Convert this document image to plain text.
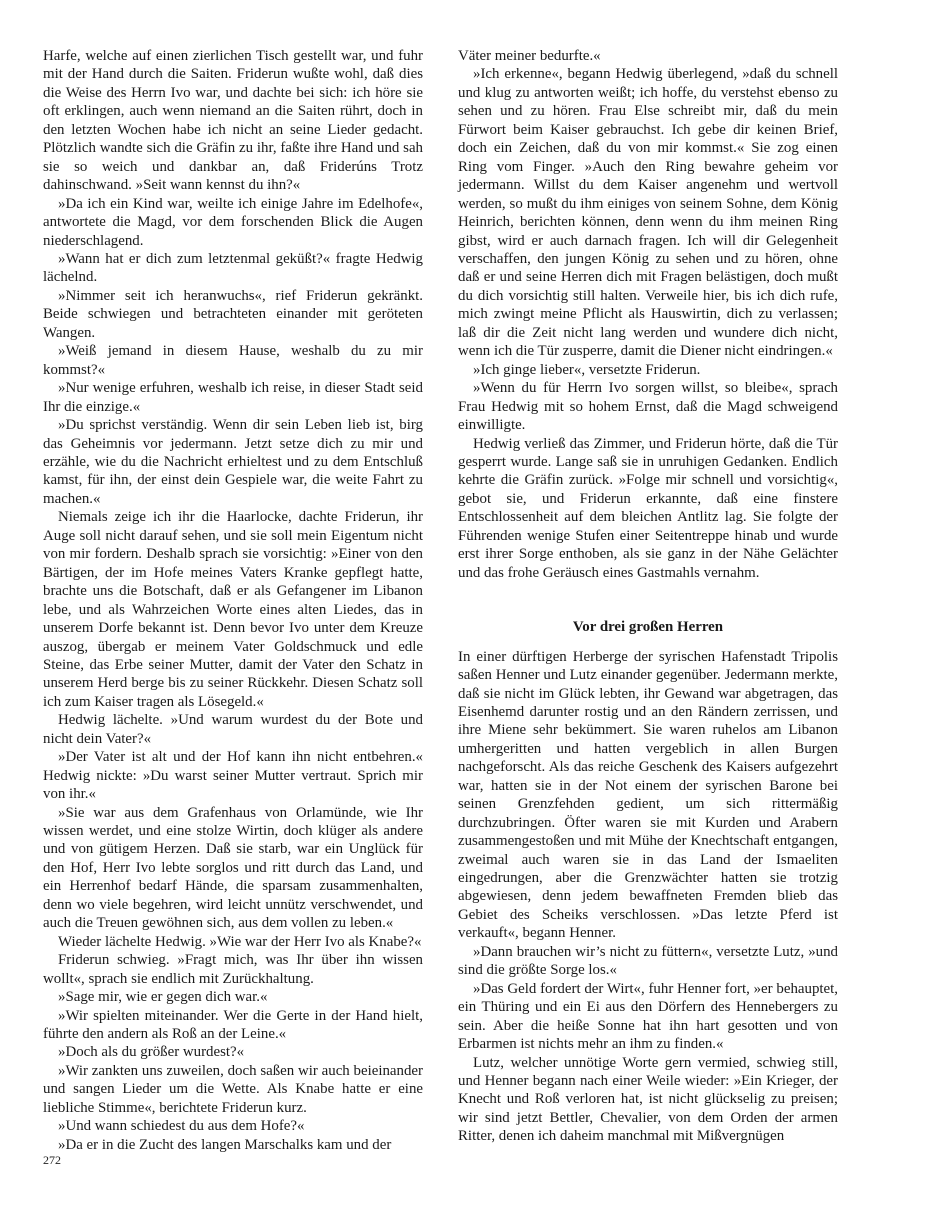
Harfe, welche auf einen zierlichen Tisch gestellt war, und fuhr mit der Hand durch die Saiten. Friderun wußte wohl, daß dies die Weise des Herrn Ivo war, und dachte bei sich: ich höre sie oft erklingen, auch wenn niemand an die Saiten rührt, doch in den letzten Wochen habe ich nicht an seine Lieder gedacht. Plötzlich wandte sich die Gräfin zu ihr, faßte ihre Hand und sah sie so weich und dankbar an, daß Friderúns Trotz dahinschwand. »Seit wann kennst du ihn?«

»Da ich ein Kind war, weilte ich einige Jahre im Edelhofe«, antwortete die Magd, vor dem forschenden Blick die Augen niederschlagend.

»Wann hat er dich zum letztenmal geküßt?« fragte Hedwig lächelnd.

»Nimmer seit ich heranwuchs«, rief Friderun gekränkt. Beide schwiegen und betrachteten einander mit geröteten Wangen.

»Weiß jemand in diesem Hause, weshalb du zu mir kommst?«

»Nur wenige erfuhren, weshalb ich reise, in dieser Stadt seid Ihr die einzige.«

»Du sprichst verständig. Wenn dir sein Leben lieb ist, birg das Geheimnis vor jedermann. Jetzt setze dich zu mir und erzähle, wie du die Nachricht erhieltest und zu dem Entschluß kamst, für ihn, der einst dein Gespiele war, die weite Fahrt zu machen.«

Niemals zeige ich ihr die Haarlocke, dachte Friderun, ihr Auge soll nicht darauf sehen, und sie soll mein Eigentum nicht von mir fordern. Deshalb sprach sie vorsichtig: »Einer von den Bärtigen, der im Hofe meines Vaters Kranke gepflegt hatte, brachte uns die Botschaft, daß er als Gefangener im Libanon lebe, und als Wahrzeichen Worte eines alten Liedes, das in unserem Dorfe bekannt ist. Denn bevor Ivo unter dem Kreuze auszog, übergab er meinem Vater Goldschmuck und edle Steine, das Erbe seiner Mutter, damit der Vater den Schatz in unserem Herd berge bis zu seiner Rückkehr. Diesen Schatz soll ich zum Kaiser tragen als Lösegeld.«

Hedwig lächelte. »Und warum wurdest du der Bote und nicht dein Vater?«

»Der Vater ist alt und der Hof kann ihn nicht entbehren.« Hedwig nickte: »Du warst seiner Mutter vertraut. Sprich mir von ihr.«

»Sie war aus dem Grafenhaus von Orlamünde, wie Ihr wissen werdet, und eine stolze Wirtin, doch klüger als andere und von gütigem Herzen. Daß sie starb, war ein Unglück für den Hof, Herr Ivo lebte sorglos und ritt durch das Land, und ein Herrenhof bedarf Hände, die sparsam zusammenhalten, denn wo viele begehren, wird leicht unnütz verschwendet, und auch die Treuen gewöhnen sich, aus dem vollen zu leben.«

Wieder lächelte Hedwig. »Wie war der Herr Ivo als Knabe?«

Friderun schwieg. »Fragt mich, was Ihr über ihn wissen wollt«, sprach sie endlich mit Zurückhaltung.

»Sage mir, wie er gegen dich war.«

»Wir spielten miteinander. Wer die Gerte in der Hand hielt, führte den andern als Roß an der Leine.«

»Doch als du größer wurdest?«

»Wir zankten uns zuweilen, doch saßen wir auch beieinander und sangen Lieder um die Wette. Als Knabe hatte er eine liebliche Stimme«, berichtete Friderun kurz.

»Und wann schiedest du aus dem Hofe?«

»Da er in die Zucht des langen Marschalks kam und der

Väter meiner bedurfte.«

»Ich erkenne«, begann Hedwig überlegend, »daß du schnell und klug zu antworten weißt; ich hoffe, du verstehst ebenso zu sehen und zu hören. Frau Else schreibt mir, daß du mein Fürwort beim Kaiser gebrauchst. Ich gebe dir keinen Brief, doch ein Zeichen, daß du von mir kommst.« Sie zog einen Ring vom Finger. »Auch den Ring bewahre geheim vor jedermann. Willst du dem Kaiser angenehm und wertvoll werden, so mußt du ihm einiges von seinem Sohne, dem König Heinrich, berichten können, denn wenn du ihm meinen Ring gibst, wird er auch darnach fragen. Ich will dir Gelegenheit verschaffen, den jungen König zu sehen und zu hören, ohne daß er und seine Herren dich mit Fragen belästigen, doch mußt du dich vorsichtig still halten. Verweile hier, bis ich dich rufe, mich zwingt meine Pflicht als Hauswirtin, dich zu verlassen; laß dir die Zeit nicht lang werden und wundere dich nicht, wenn ich die Tür zusperre, damit die Diener nicht eindringen.«

»Ich ginge lieber«, versetzte Friderun.

»Wenn du für Herrn Ivo sorgen willst, so bleibe«, sprach Frau Hedwig mit so hohem Ernst, daß die Magd schweigend einwilligte.

Hedwig verließ das Zimmer, und Friderun hörte, daß die Tür gesperrt wurde. Lange saß sie in unruhigen Gedanken. Endlich kehrte die Gräfin zurück. »Folge mir schnell und vorsichtig«, gebot sie, und Friderun erkannte, daß eine finstere Entschlossenheit auf dem bleichen Antlitz lag. Sie folgte der Führenden wenige Stufen einer Seitentreppe hinab und wurde erst ihrer Sorge enthoben, als sie ganz in der Nähe Gelächter und das frohe Geräusch eines Gastmahls vernahm.

Vor drei großen Herren

In einer dürftigen Herberge der syrischen Hafenstadt Tripolis saßen Henner und Lutz einander gegenüber. Jedermann merkte, daß sie nicht im Glück lebten, ihr Gewand war abgetragen, das Eisenhemd darunter rostig und an den Rändern zerrissen, und ihre Miene sehr bekümmert. Sie waren ruhelos am Libanon umhergeritten und hatten vergeblich in allen Burgen nachgeforscht. Als das reiche Geschenk des Kaisers aufgezehrt war, hatten sie in der Not einem der syrischen Barone bei seinen Grenzfehden gedient, um sich rittermäßig durchzubringen. Öfter waren sie mit Kurden und Arabern zusammengestoßen und mit Mühe der Knechtschaft entgangen, zweimal auch waren sie in das Land der Ismaeliten eingedrungen, aber die Grenzwächter hatten sie trotzig abgewiesen, denn jedem bewaffneten Fremden blieb das Gebiet des Scheiks verschlossen. »Das letzte Pferd ist verkauft«, begann Henner.

»Dann brauchen wir’s nicht zu füttern«, versetzte Lutz, »und sind die größte Sorge los.«

»Das Geld fordert der Wirt«, fuhr Henner fort, »er behauptet, ein Thüring und ein Ei aus den Dörfern des Hennebergers zu sein. Aber die heiße Sonne hat ihn hart gesotten und von Erbarmen ist nichts mehr an ihm zu finden.«

Lutz, welcher unnötige Worte gern vermied, schwieg still, und Henner begann nach einer Weile wieder: »Ein Krieger, der Knecht und Roß verloren hat, ist nicht glückselig zu preisen; wir sind jetzt Bettler, Chevalier, von dem Orden der armen Ritter, denen ich daheim manchmal mit Mißvergnügen

272
